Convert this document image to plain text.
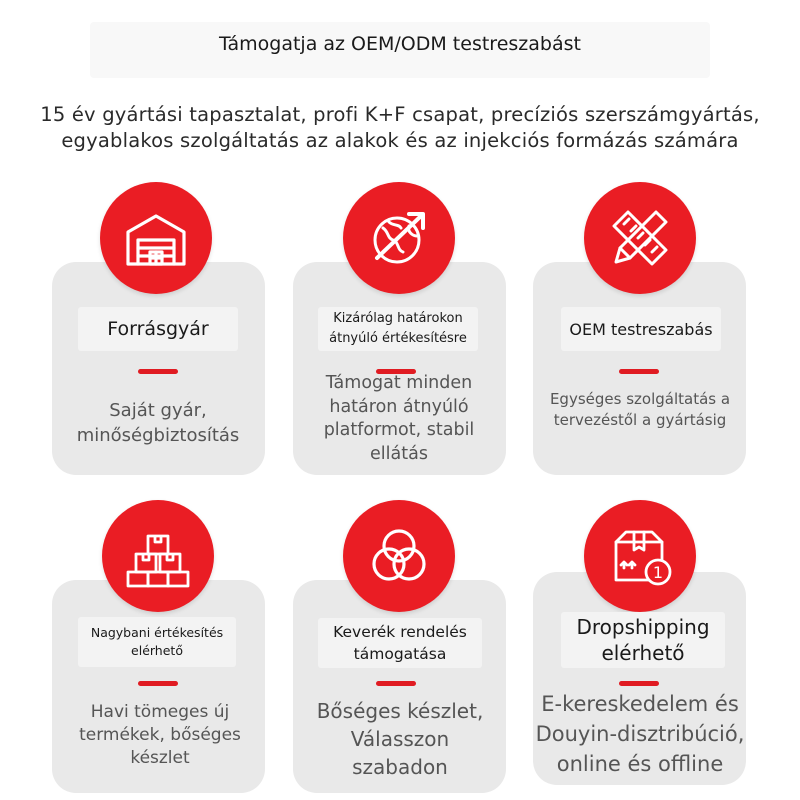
Támogatja az OEM/ODM testreszabást
15 év gyártási tapasztalat, profi K+F csapat, precíziós szerszámgyártás,
egyablakos szolgáltatás az alakok és az injekciós formázás számára
Forrásgyár
Saját gyár, minőségbiztosítás
Kizárólag határokon átnyúló értékesítésre
Támogat minden határon átnyúló platformot, stabil ellátás
OEM testreszabás
Egységes szolgáltatás a tervezéstől a gyártásig
Nagybani értékesítés elérhető
Havi tömeges új termékek, bőséges készlet
Keverék rendelés támogatása
Bőséges készlet, Válasszon szabadon
1
Dropshipping elérhető
E-kereskedelem és Douyin-disztribúció, online és offline
